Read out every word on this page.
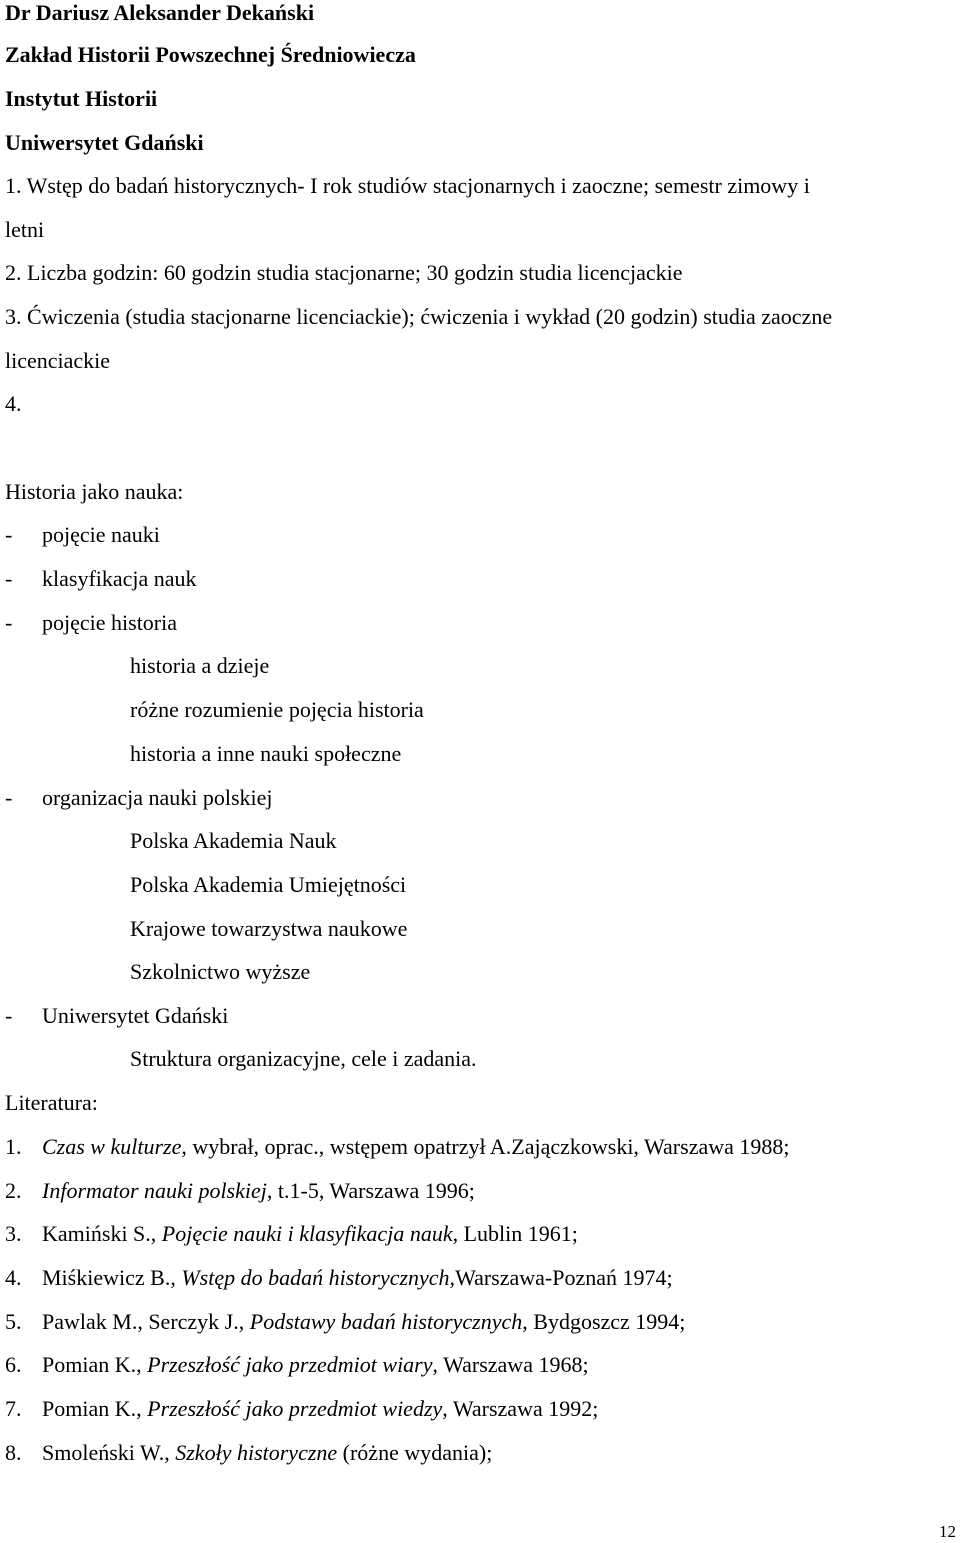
Dr Dariusz Aleksander Dekański
Zakład Historii Powszechnej Średniowiecza
Instytut Historii
Uniwersytet Gdański
1. Wstęp do badań historycznych- I rok studiów stacjonarnych i zaoczne; semestr zimowy i
letni
2. Liczba godzin: 60 godzin studia stacjonarne; 30 godzin studia licencjackie
3. Ćwiczenia (studia stacjonarne licenciackie); ćwiczenia i wykład (20 godzin) studia zaoczne
licenciackie
4.
Historia jako nauka:
- pojęcie nauki
- klasyfikacja nauk
- pojęcie historia
historia a dzieje
różne rozumienie pojęcia historia
historia a inne nauki społeczne
- organizacja nauki polskiej
Polska Akademia Nauk
Polska Akademia Umiejętności
Krajowe towarzystwa naukowe
Szkolnictwo wyższe
- Uniwersytet Gdański
Struktura organizacyjne, cele i zadania.
Literatura:
1. Czas w kulturze, wybrał, oprac., wstępem opatrzył A.Zajączkowski, Warszawa 1988;
2. Informator nauki polskiej, t.1-5, Warszawa 1996;
3. Kamiński S., Pojęcie nauki i klasyfikacja nauk, Lublin 1961;
4. Miśkiewicz B., Wstęp do badań historycznych,Warszawa-Poznań 1974;
5. Pawlak M., Serczyk J., Podstawy badań historycznych, Bydgoszcz 1994;
6. Pomian K., Przeszłość jako przedmiot wiary, Warszawa 1968;
7. Pomian K., Przeszłość jako przedmiot wiedzy, Warszawa 1992;
8. Smoleński W., Szkoły historyczne (różne wydania);
12
